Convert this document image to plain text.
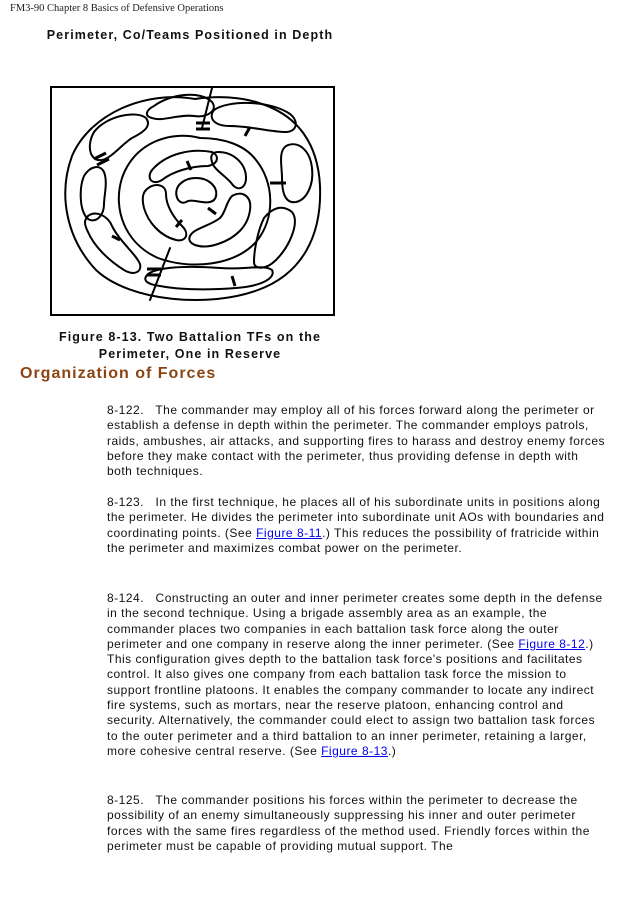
FM3-90 Chapter 8 Basics of Defensive Operations
Perimeter, Co/Teams Positioned in Depth
Figure 8-13. Two Battalion TFs on the
Perimeter, One in Reserve
Organization of Forces

8-122. The commander may employ all of his forces forward along the perimeter or establish a defense in depth within the perimeter. The commander employs patrols, raids, ambushes, air attacks, and supporting fires to harass and destroy enemy forces before they make contact with the perimeter, thus providing defense in depth with both techniques.

8-123. In the first technique, he places all of his subordinate units in positions along the perimeter. He divides the perimeter into subordinate unit AOs with boundaries and coordinating points. (See Figure 8-11.) This reduces the possibility of fratricide within the perimeter and maximizes combat power on the perimeter.

8-124. Constructing an outer and inner perimeter creates some depth in the defense in the second technique. Using a brigade assembly area as an example, the commander places two companies in each battalion task force along the outer perimeter and one company in reserve along the inner perimeter. (See Figure 8-12.) This configuration gives depth to the battalion task force's positions and facilitates control. It also gives one company from each battalion task force the mission to support frontline platoons. It enables the company commander to locate any indirect fire systems, such as mortars, near the reserve platoon, enhancing control and security. Alternatively, the commander could elect to assign two battalion task forces to the outer perimeter and a third battalion to an inner perimeter, retaining a larger, more cohesive central reserve. (See Figure 8-13.)

8-125. The commander positions his forces within the perimeter to decrease the possibility of an enemy simultaneously suppressing his inner and outer perimeter forces with the same fires regardless of the method used. Friendly forces within the perimeter must be capable of providing mutual support. The
